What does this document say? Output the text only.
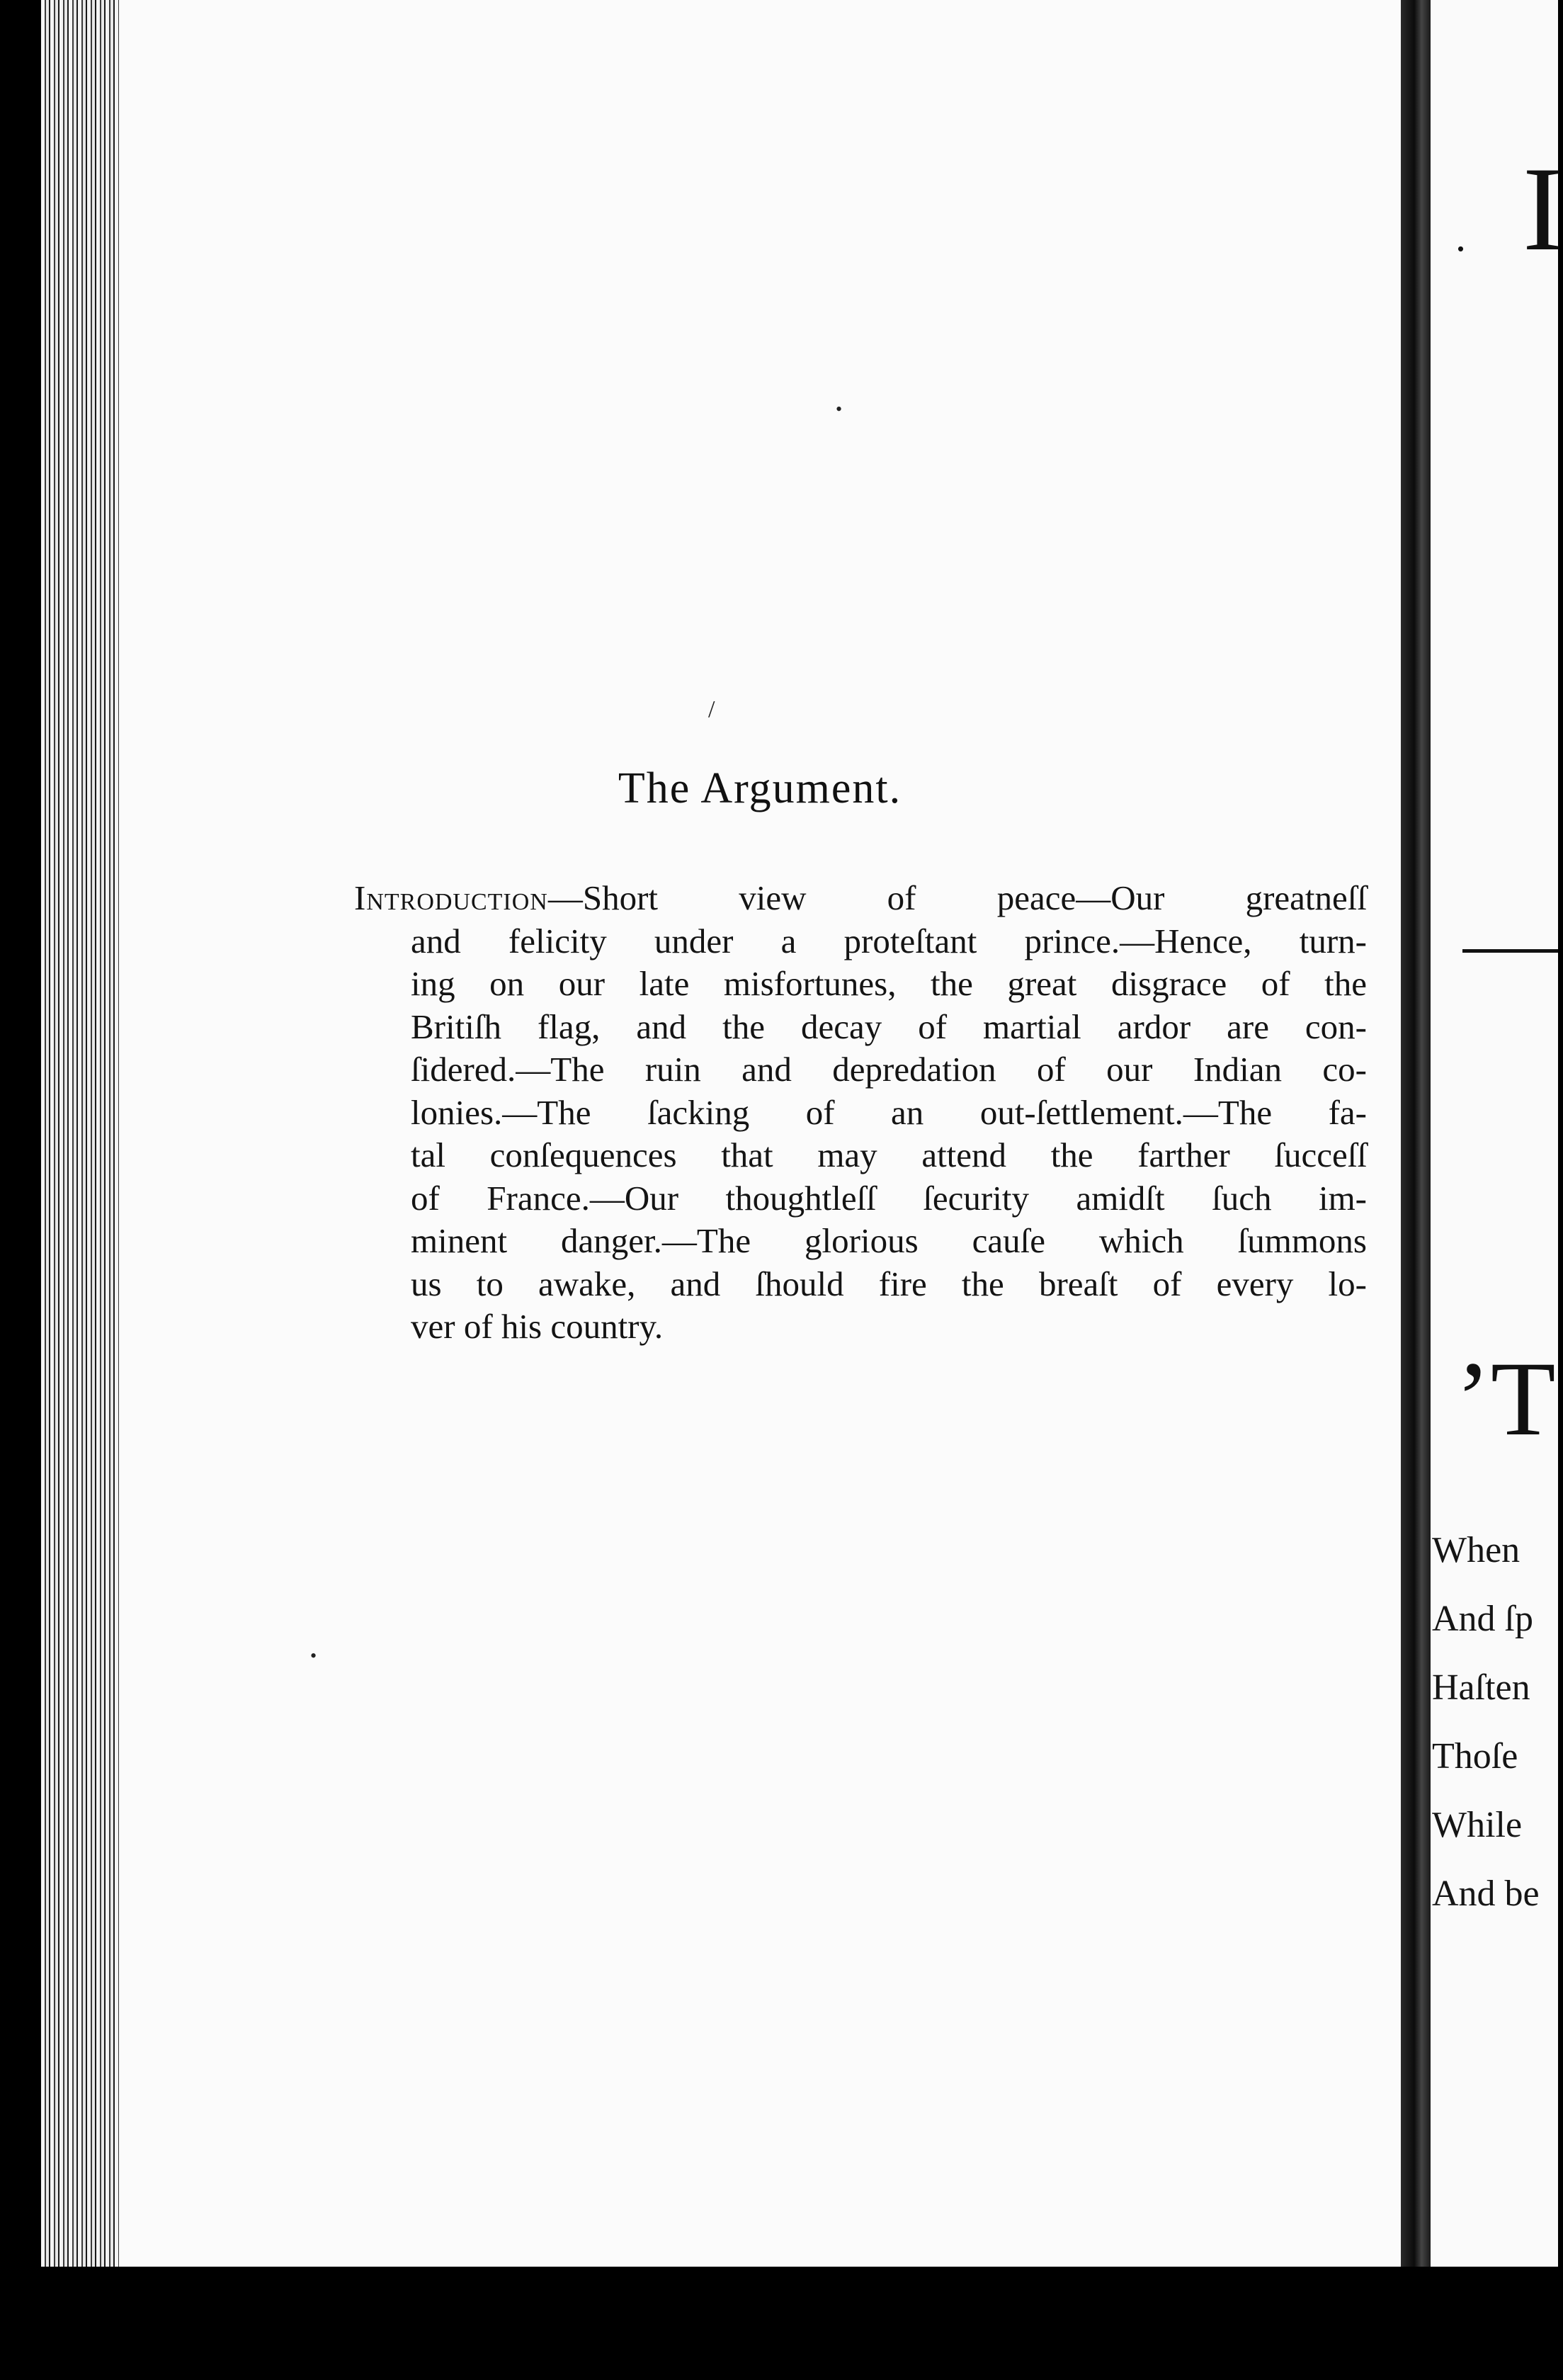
•
/
•
The Argument.
Introduction—Short view of peace—Our greatneſſ
and felicity under a proteſtant prince.—Hence, turn-
ing on our late misfortunes, the great disgrace of the
Britiſh flag, and the decay of martial ardor are con-
ſidered.—The ruin and depredation of our Indian co-
lonies.—The ſacking of an out-ſettlement.—The fa-
tal conſequences that may attend the farther ſucceſſ
of France.—Our thoughtleſſ ſecurity amidſt ſuch im-
minent danger.—The glorious cauſe which ſummons
us to awake, and ſhould fire the breaſt of every lo-
ver of his country.
. I
’T
When
And ſp
Haſten
Thoſe
While
And be
